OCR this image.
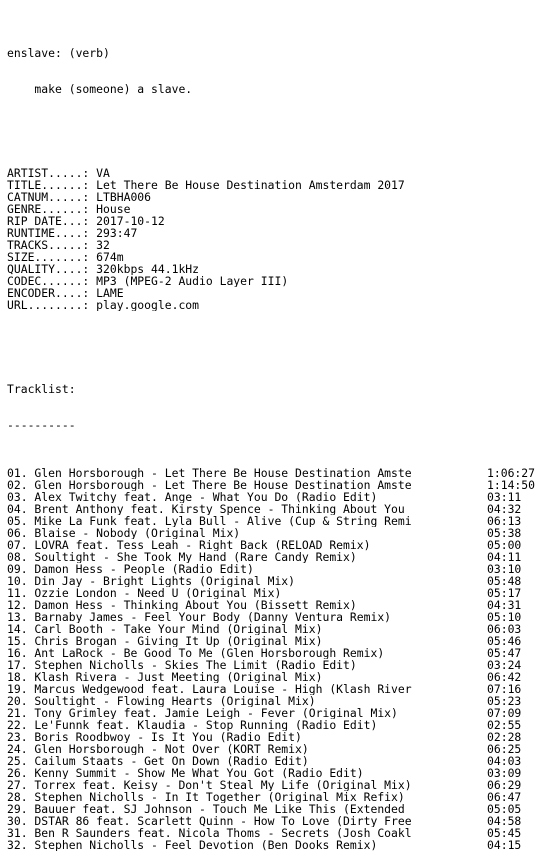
enslave: (verb)

make (someone) a slave.

ARTIST.....: VA
TITLE......: Let There Be House Destination Amsterdam 2017
CATNUM.....: LTBHA006
GENRE......: House
RIP DATE...: 2017-10-12
RUNTIME....: 293:47
TRACKS.....: 32
SIZE.......: 674m
QUALITY....: 320kbps 44.1kHz
CODEC......: MP3 (MPEG-2 Audio Layer III)
ENCODER....: LAME
URL........: play.google.com

Tracklist:

----------

01. Glen Horsborough - Let There Be House Destination Amste	1:06:27
02. Glen Horsborough - Let There Be House Destination Amste	1:14:50
03. Alex Twitchy feat. Ange - What You Do (Radio Edit)	03:11
04. Brent Anthony feat. Kirsty Spence - Thinking About You	04:32
05. Mike La Funk feat. Lyla Bull - Alive (Cup & String Remi	06:13
06. Blaise - Nobody (Original Mix)	05:38
07. LOVRA feat. Tess Leah - Right Back (RELOAD Remix)	05:00
08. Soultight - She Took My Hand (Rare Candy Remix)	04:11
09. Damon Hess - People (Radio Edit)	03:10
10. Din Jay - Bright Lights (Original Mix)	05:48
11. Ozzie London - Need U (Original Mix)	05:17
12. Damon Hess - Thinking About You (Bissett Remix)	04:31
13. Barnaby James - Feel Your Body (Danny Ventura Remix)	05:10
14. Carl Booth - Take Your Mind (Original Mix)	06:03
15. Chris Brogan - Giving It Up (Original Mix)	05:46
16. Ant LaRock - Be Good To Me (Glen Horsborough Remix)	05:47
17. Stephen Nicholls - Skies The Limit (Radio Edit)	03:24
18. Klash Rivera - Just Meeting (Original Mix)	06:42
19. Marcus Wedgewood feat. Laura Louise - High (Klash River	07:16
20. Soultight - Flowing Hearts (Original Mix)	05:23
21. Tony Grimley feat. Jamie Leigh - Fever (Original Mix)	07:09
22. Le'Funnk feat. Klaudia - Stop Running (Radio Edit)	02:55
23. Boris Roodbwoy - Is It You (Radio Edit)	02:28
24. Glen Horsborough - Not Over (KORT Remix)	06:25
25. Cailum Staats - Get On Down (Radio Edit)	04:03
26. Kenny Summit - Show Me What You Got (Radio Edit)	03:09
27. Torrex feat. Keisy - Don't Steal My Life (Original Mix)	06:29
28. Stephen Nicholls - In It Together (Original Mix Refix)	06:47
29. Bauuer feat. SJ Johnson - Touch Me Like This (Extended	05:05
30. DSTAR 86 feat. Scarlett Quinn - How To Love (Dirty Free	04:58
31. Ben R Saunders feat. Nicola Thoms - Secrets (Josh Coakl	05:45
32. Stephen Nicholls - Feel Devotion (Ben Dooks Remix)	04:15
